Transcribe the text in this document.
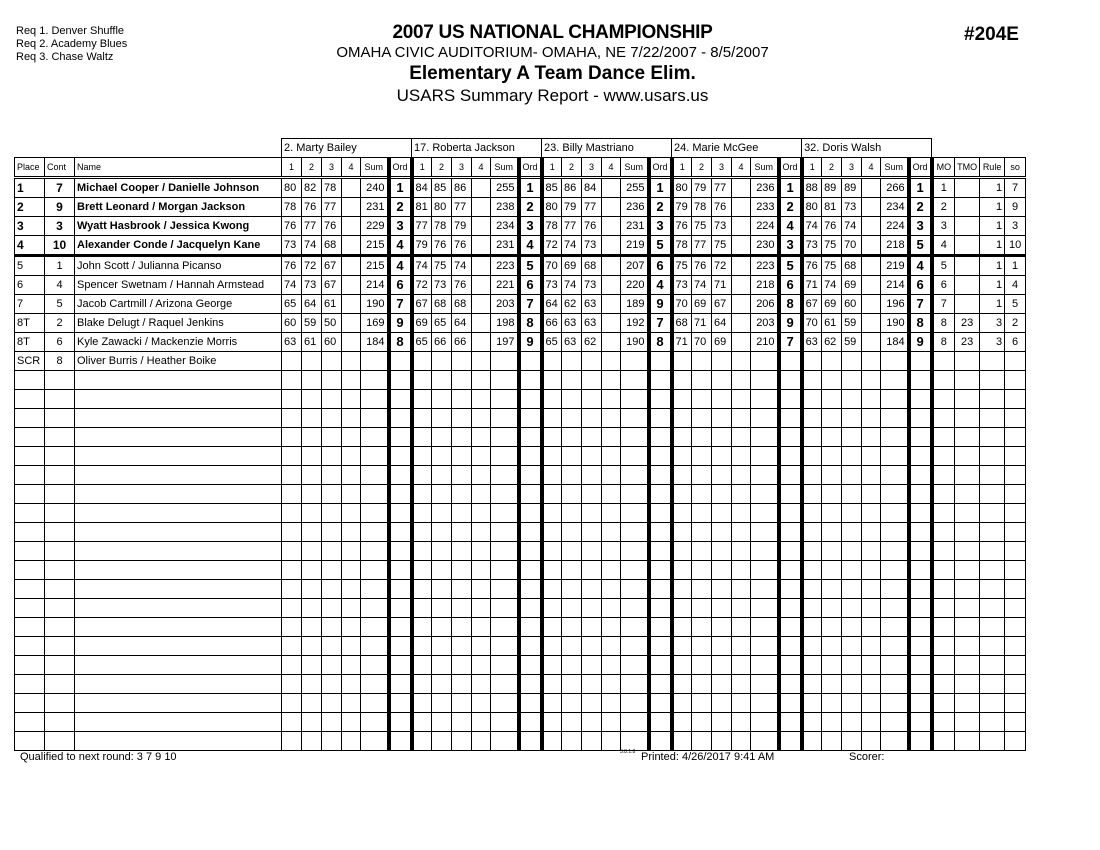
Req 1. Denver Shuffle
Req 2. Academy Blues
Req 3. Chase Waltz
2007 US NATIONAL CHAMPIONSHIP
OMAHA CIVIC AUDITORIUM- OMAHA, NE 7/22/2007 - 8/5/2007
Elementary A Team Dance Elim.
USARS Summary Report - www.usars.us
#204E
			2. Marty Bailey						17. Roberta Jackson						23. Billy Mastriano						24. Marie McGee						32. Doris Walsh									
Place	Cont	Name	1	2	3	4	Sum	Ord	1	2	3	4	Sum	Ord	1	2	3	4	Sum	Ord	1	2	3	4	Sum	Ord	1	2	3	4	Sum	Ord	MO	TMO	Rule	so
1	7	Michael Cooper / Danielle Johnson	80	82	78		240	1	84	85	86		255	1	85	86	84		255	1	80	79	77		236	1	88	89	89		266	1	1		1	7
2	9	Brett Leonard / Morgan Jackson	78	76	77		231	2	81	80	77		238	2	80	79	77		236	2	79	78	76		233	2	80	81	73		234	2	2		1	9
3	3	Wyatt Hasbrook / Jessica Kwong	76	77	76		229	3	77	78	79		234	3	78	77	76		231	3	76	75	73		224	4	74	76	74		224	3	3		1	3
4	10	Alexander Conde / Jacquelyn Kane	73	74	68		215	4	79	76	76		231	4	72	74	73		219	5	78	77	75		230	3	73	75	70		218	5	4		1	10
5	1	John Scott / Julianna Picanso	76	72	67		215	4	74	75	74		223	5	70	69	68		207	6	75	76	72		223	5	76	75	68		219	4	5		1	1
6	4	Spencer Swetnam / Hannah Armstead	74	73	67		214	6	72	73	76		221	6	73	74	73		220	4	73	74	71		218	6	71	74	69		214	6	6		1	4
7	5	Jacob Cartmill / Arizona George	65	64	61		190	7	67	68	68		203	7	64	62	63		189	9	70	69	67		206	8	67	69	60		196	7	7		1	5
8T	2	Blake Delugt / Raquel Jenkins	60	59	50		169	9	69	65	64		198	8	66	63	63		192	7	68	71	64		203	9	70	61	59		190	8	8	23	3	2
8T	6	Kyle Zawacki / Mackenzie Morris	63	61	60		184	8	65	66	66		197	9	65	63	62		190	8	71	70	69		210	7	63	62	59		184	9	8	23	3	6
SCR	8	Oliver Burris / Heather Boike																																		

Qualified to next round: 3 7 9 10	3.8.1.8 Printed: 4/26/2017 9:41 AM	Scorer:
